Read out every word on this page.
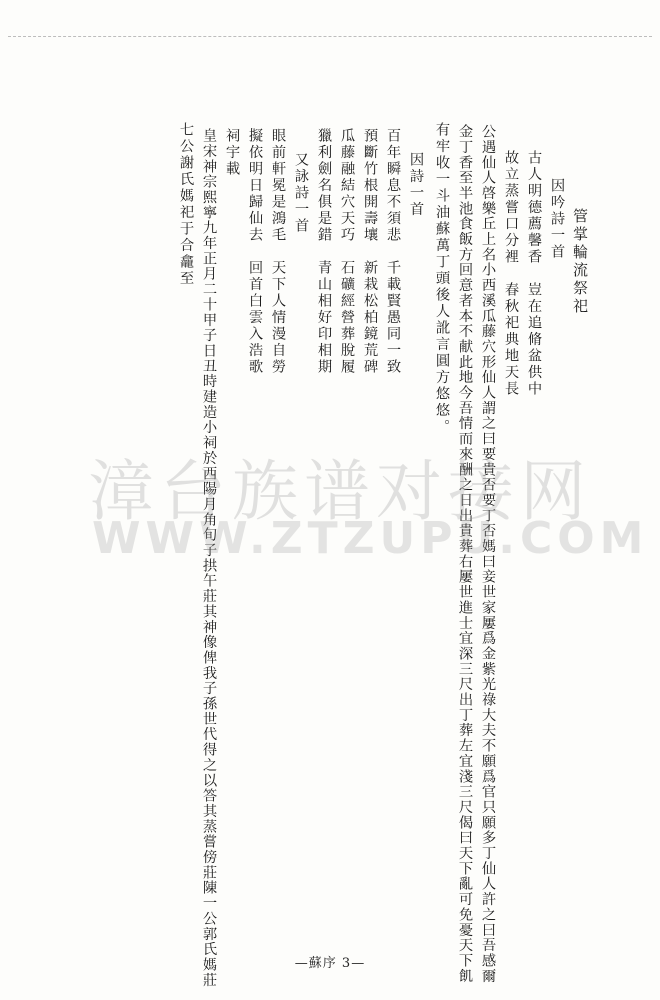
管掌輪流祭祀
因吟詩一首
古人明德薦馨香　豈在追脩盆供中
故立蒸嘗口分裡　春秋祀典地天長
公遇仙人啓樂丘上名小西溪瓜藤穴形仙人謂之曰要貴否要丁否媽曰妾世家屢爲金紫光祿大夫不願爲官只願多丁仙人許之曰吾感爾
金丁香至半池食飯方回意者本不献此地今吾情而來酬之日出貴葬右屢世進士宜深三尺出丁葬左宜淺三尺偈曰天下亂可免憂天下飢
有牢收一斗油蘇萬丁頭後人訛言圓方悠悠。
因詩一首
百年瞬息不須悲　千載賢愚同一致
預斷竹根開壽壤　新栽松柏鏡荒碑
瓜藤融結穴天巧　石礦經營葬脫履
獵利劍名俱是錯　青山相好印相期
又詠詩一首
眼前軒冕是鴻毛　天下人情漫自勞
擬依明日歸仙去　回首白雲入浩歌
祠宇載
皇宋神宗熙寧九年正月二十甲子日丑時建造小祠於西陽月角旬子拱午莊其神像俾我子孫世代得之以答其蒸嘗傍莊陳一公郭氏媽莊
七公謝氏媽祀于合龕至
漳台族谱对接网
WWW.ZTZUPU.COM
—蘇序 3—
